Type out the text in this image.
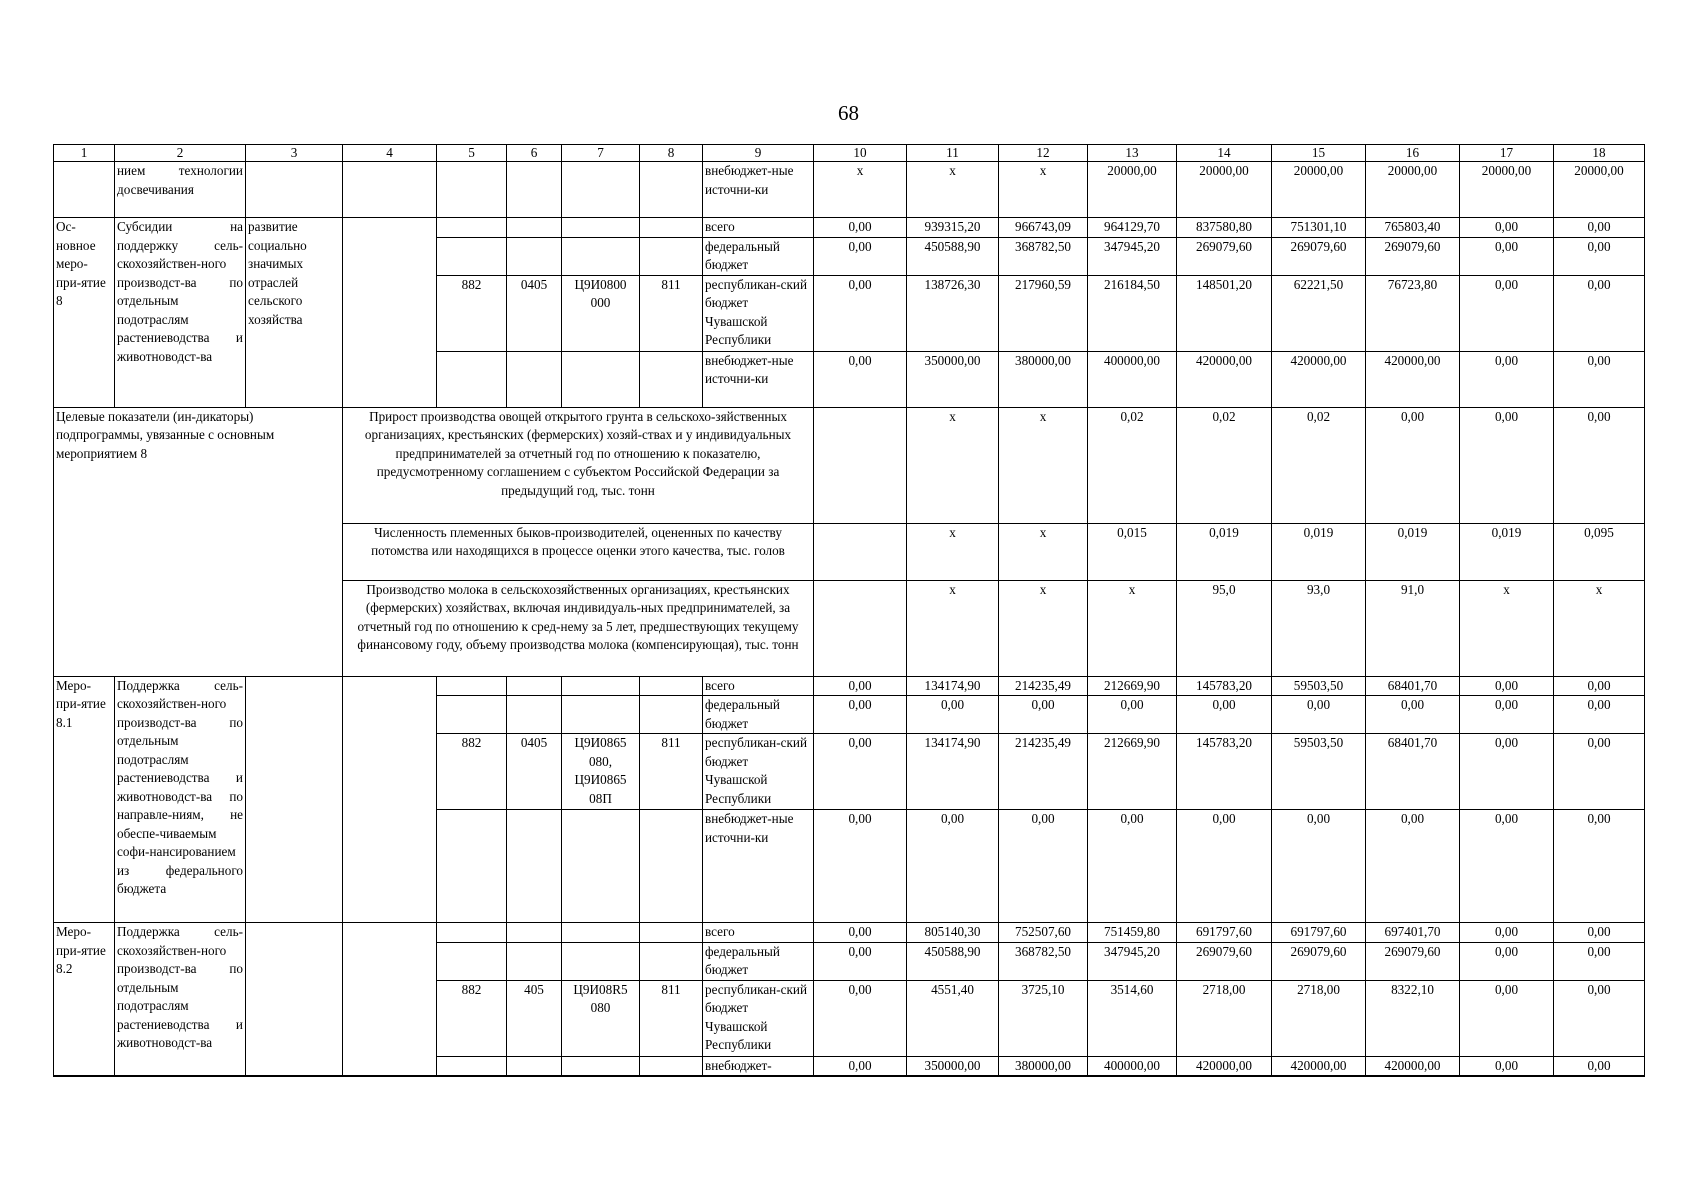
68
1	2	3	4	5	6	7	8	9	10	11	12	13	14	15	16	17	18	
	нием технологии досвечивания							внебюджет-ные источни-ки	x	x	x	20000,00	20000,00	20000,00	20000,00	20000,00	20000,00	
Ос-новное меро-при-ятие 8	Субсидии на поддержку сель-скохозяйствен-ного производст-ва по отдельным подотраслям растениеводства и животноводст-ва	развитие социально значимых отраслей сельского хозяйства						всего	0,00	939315,20	966743,09	964129,70	837580,80	751301,10	765803,40	0,00	0,00	
								федеральный бюджет	0,00	450588,90	368782,50	347945,20	269079,60	269079,60	269079,60	0,00	0,00	
				882	0405	Ц9И0800 000	811	республикан-ский бюджет Чувашской Республики	0,00	138726,30	217960,59	216184,50	148501,20	62221,50	76723,80	0,00	0,00	
								внебюджет-ные источни-ки	0,00	350000,00	380000,00	400000,00	420000,00	420000,00	420000,00	0,00	0,00	
Целевые показатели (ин-дикаторы) подпрограммы, увязанные с основным мероприятием 8			Прирост производства овощей открытого грунта в сельскохо-зяйственных организациях, крестьянских (фермерских) хозяй-ствах и у индивидуальных предпринимателей за отчетный год по отношению к показателю, предусмотренному соглашением с субъектом Российской Федерации за предыдущий год, тыс. тонн							x	x	0,02	0,02	0,02	0,00	0,00	0,00	
			Численность племенных быков-производителей, оцененных по качеству потомства или находящихся в процессе оценки этого качества, тыс. голов							x	x	0,015	0,019	0,019	0,019	0,019	0,095	
			Производство молока в сельскохозяйственных организациях, крестьянских (фермерских) хозяйствах, включая индивидуаль-ных предпринимателей, за отчетный год по отношению к сред-нему за 5 лет, предшествующих текущему финансовому году, объему производства молока (компенсирующая), тыс. тонн							x	x	x	95,0	93,0	91,0	x	x	
Меро-при-ятие 8.1	Поддержка сель-скохозяйствен-ного производст-ва по отдельным подотраслям растениеводства и животноводст-ва по направле-ниям, не обеспе-чиваемым софи-нансированием из федерального бюджета							всего	0,00	134174,90	214235,49	212669,90	145783,20	59503,50	68401,70	0,00	0,00	
								федеральный бюджет	0,00	0,00	0,00	0,00	0,00	0,00	0,00	0,00	0,00	
				882	0405	Ц9И0865 080, Ц9И0865 08П	811	республикан-ский бюджет Чувашской Республики	0,00	134174,90	214235,49	212669,90	145783,20	59503,50	68401,70	0,00	0,00	
								внебюджет-ные источни-ки	0,00	0,00	0,00	0,00	0,00	0,00	0,00	0,00	0,00	
Меро-при-ятие 8.2	Поддержка сель-скохозяйствен-ного производст-ва по отдельным подотраслям растениеводства и животноводст-ва							всего	0,00	805140,30	752507,60	751459,80	691797,60	691797,60	697401,70	0,00	0,00	
								федеральный бюджет	0,00	450588,90	368782,50	347945,20	269079,60	269079,60	269079,60	0,00	0,00	
				882	405	Ц9И08R5 080	811	республикан-ский бюджет Чувашской Республики	0,00	4551,40	3725,10	3514,60	2718,00	2718,00	8322,10	0,00	0,00	
								внебюджет-	0,00	350000,00	380000,00	400000,00	420000,00	420000,00	420000,00	0,00	0,00	
